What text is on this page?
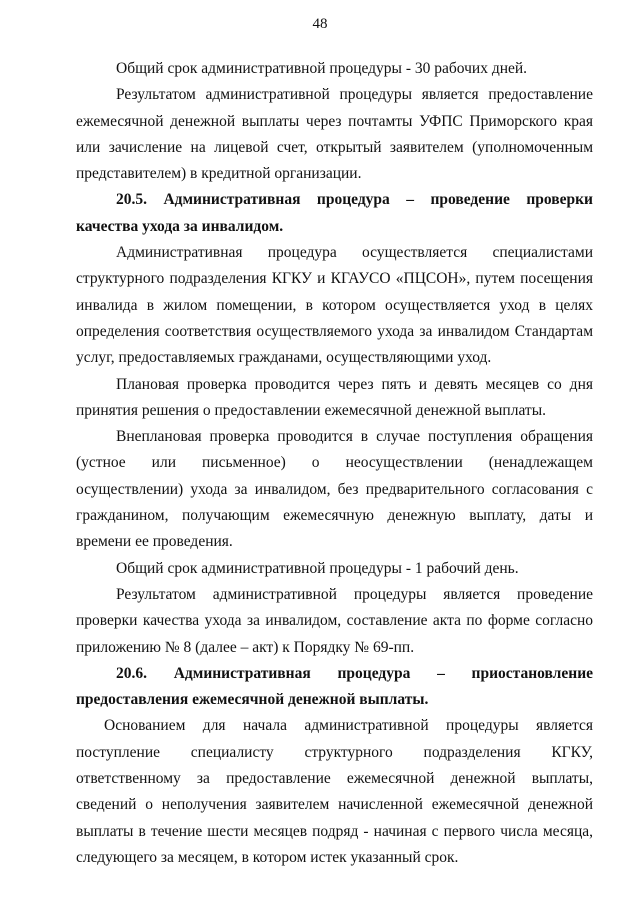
48

Общий срок административной процедуры - 30 рабочих дней.

Результатом административной процедуры является предоставление ежемесячной денежной выплаты через почтамты УФПС Приморского края или зачисление на лицевой счет, открытый заявителем (уполномоченным представителем) в кредитной организации.

20.5. Административная процедура – проведение проверки качества ухода за инвалидом.

Административная процедура осуществляется специалистами структурного подразделения КГКУ и КГАУСО «ПЦСОН», путем посещения инвалида в жилом помещении, в котором осуществляется уход в целях определения соответствия осуществляемого ухода за инвалидом Стандартам услуг, предоставляемых гражданами, осуществляющими уход.

Плановая проверка проводится через пять и девять месяцев со дня принятия решения о предоставлении ежемесячной денежной выплаты.

Внеплановая проверка проводится в случае поступления обращения (устное или письменное) о неосуществлении (ненадлежащем осуществлении) ухода за инвалидом, без предварительного согласования с гражданином, получающим ежемесячную денежную выплату, даты и времени ее проведения.

Общий срок административной процедуры - 1 рабочий день.

Результатом административной процедуры является проведение проверки качества ухода за инвалидом, составление акта по форме согласно приложению № 8 (далее – акт) к Порядку № 69-пп.

20.6. Административная процедура – приостановление предоставления ежемесячной денежной выплаты.

Основанием для начала административной процедуры является поступление специалисту структурного подразделения КГКУ, ответственному за предоставление ежемесячной денежной выплаты, сведений о неполучения заявителем начисленной ежемесячной денежной выплаты в течение шести месяцев подряд - начиная с первого числа месяца, следующего за месяцем, в котором истек указанный срок.
